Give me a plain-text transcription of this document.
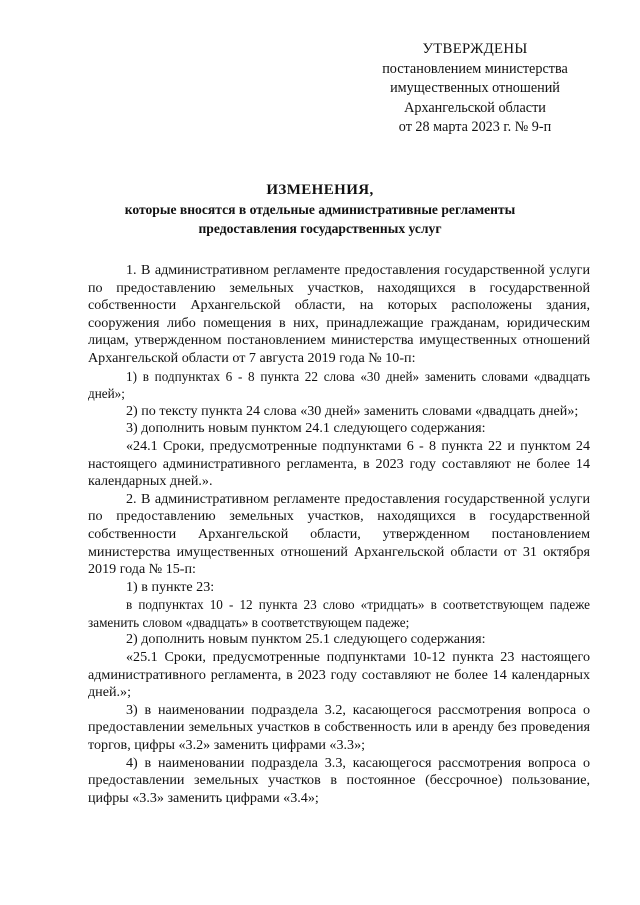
УТВЕРЖДЕНЫ
постановлением министерства
имущественных отношений
Архангельской области
от 28 марта 2023 г. № 9-п
ИЗМЕНЕНИЯ,
которые вносятся в отдельные административные регламенты
предоставления государственных услуг

1. В административном регламенте предоставления государственной услуги по предоставлению земельных участков, находящихся в государственной собственности Архангельской области, на которых расположены здания, сооружения либо помещения в них, принадлежащие гражданам, юридическим лицам, утвержденном постановлением министерства имущественных отношений Архангельской области от 7 августа 2019 года № 10-п:

1) в подпунктах 6 - 8 пункта 22 слова «30 дней» заменить словами «двадцать дней»;

2) по тексту пункта 24 слова «30 дней» заменить словами «двадцать дней»;

3) дополнить новым пунктом 24.1 следующего содержания:

«24.1 Сроки, предусмотренные подпунктами 6 - 8 пункта 22 и пунктом 24 настоящего административного регламента, в 2023 году составляют не более 14 календарных дней.».

2. В административном регламенте предоставления государственной услуги по предоставлению земельных участков, находящихся в государственной собственности Архангельской области, утвержденном постановлением министерства имущественных отношений Архангельской области от 31 октября 2019 года № 15-п:

1) в пункте 23:

в подпунктах 10 - 12 пункта 23 слово «тридцать» в соответствующем падеже заменить словом «двадцать» в соответствующем падеже;

2) дополнить новым пунктом 25.1 следующего содержания:

«25.1 Сроки, предусмотренные подпунктами 10-12 пункта 23 настоящего административного регламента, в 2023 году составляют не более 14 календарных дней.»;

3) в наименовании подраздела 3.2, касающегося рассмотрения вопроса о предоставлении земельных участков в собственность или в аренду без проведения торгов, цифры «3.2» заменить цифрами «3.3»;

4) в наименовании подраздела 3.3, касающегося рассмотрения вопроса о предоставлении земельных участков в постоянное (бессрочное) пользование, цифры «3.3» заменить цифрами «3.4»;
